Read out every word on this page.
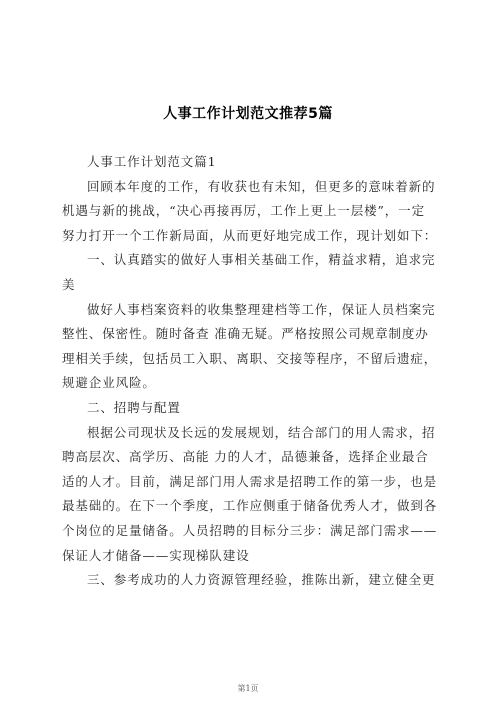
人事工作计划范文推荐5篇
人事工作计划范文篇1
回顾本年度的工作，有收获也有未知，但更多的意味着新的
机遇与新的挑战，“决心再接再厉，工作上更上一层楼”，一定
努力打开一个工作新局面，从而更好地完成工作，现计划如下：
一、认真踏实的做好人事相关基础工作，精益求精，追求完
美
做好人事档案资料的收集整理建档等工作，保证人员档案完
整性、保密性。随时备查 准确无疑。严格按照公司规章制度办
理相关手续，包括员工入职、离职、交接等程序，不留后遗症，
规避企业风险。
二、招聘与配置
根据公司现状及长远的发展规划，结合部门的用人需求，招
聘高层次、高学历、高能 力的人才，品德兼备，选择企业最合
适的人才。目前，满足部门用人需求是招聘工作的第一步，也是
最基础的。在下一个季度，工作应侧重于储备优秀人才，做到各
个岗位的足量储备。人员招聘的目标分三步：满足部门需求——
保证人才储备——实现梯队建设
三、参考成功的人力资源管理经验，推陈出新，建立健全更
第1页
